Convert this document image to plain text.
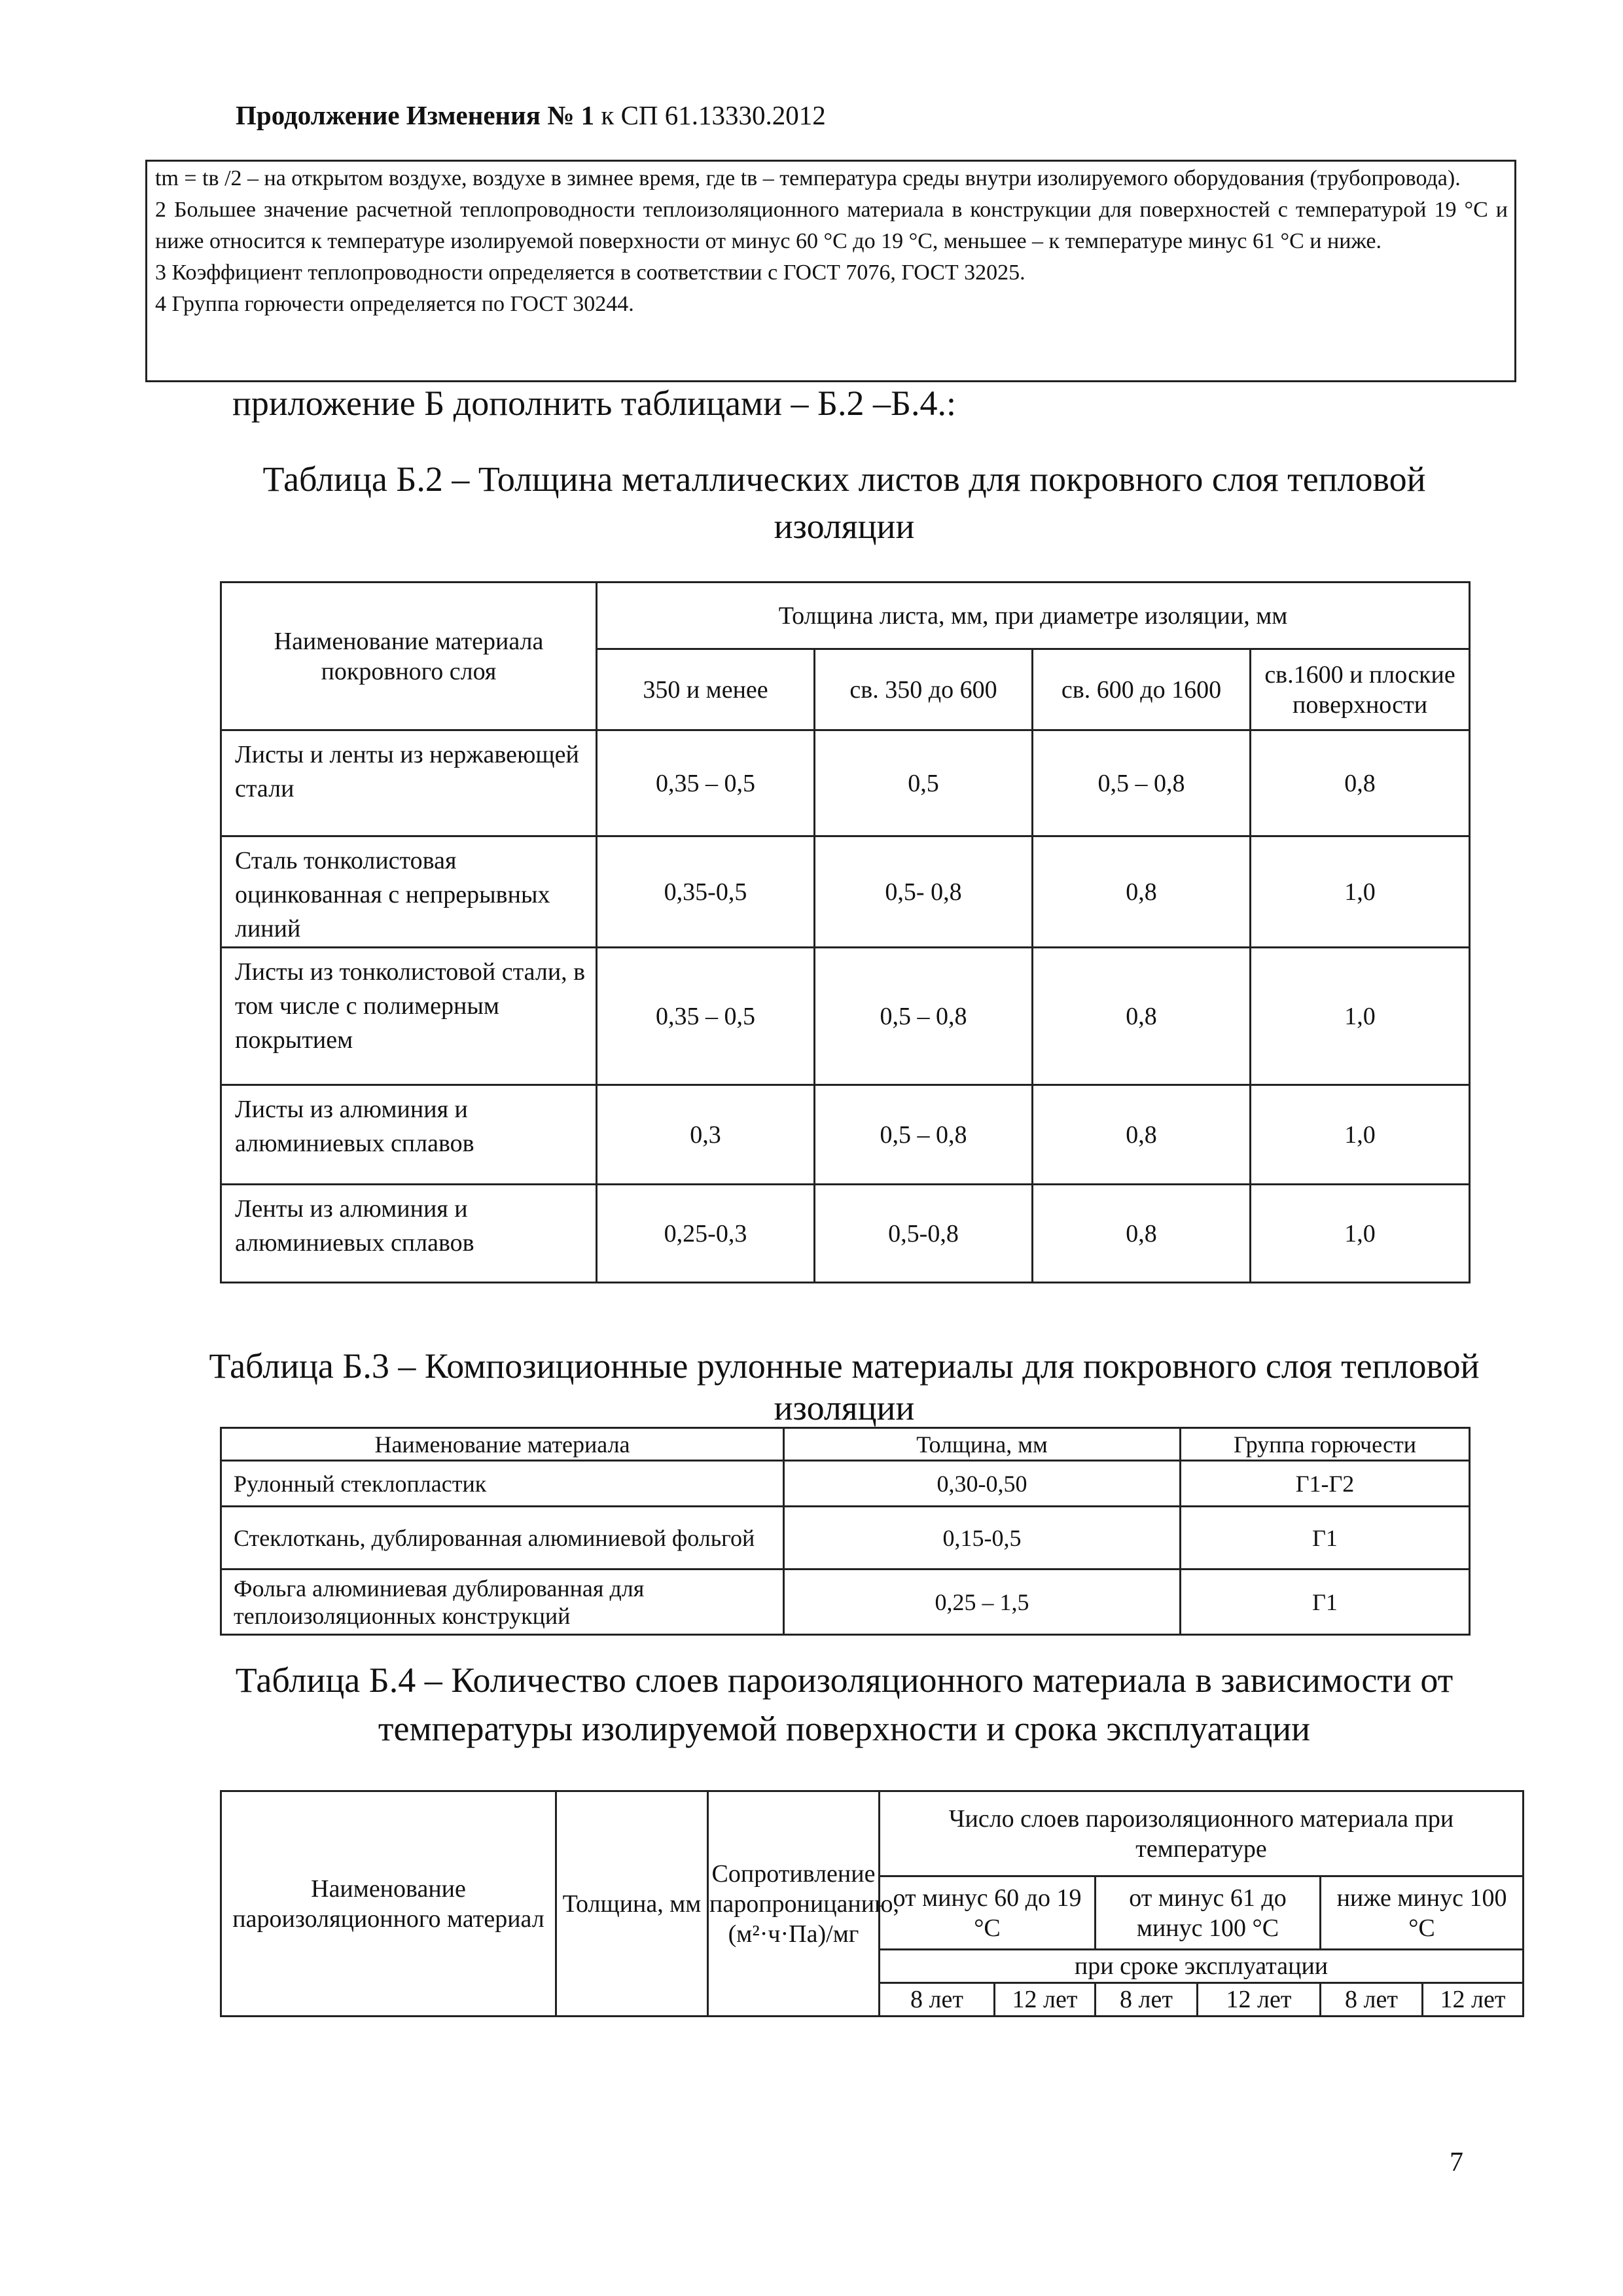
Продолжение Изменения № 1 к СП 61.13330.2012

tm = tв /2 – на открытом воздухе, воздухе в зимнее время, где tв – температура среды внутри изолируемого оборудования (трубопровода).

2 Большее значение расчетной теплопроводности теплоизоляционного материала в конструкции для поверхностей с температурой 19 °С и ниже относится к температуре изолируемой поверхности от минус 60 °С до 19 °С, меньшее – к температуре минус 61 °С и ниже.

3 Коэффициент теплопроводности определяется в соответствии с ГОСТ 7076, ГОСТ 32025.

4 Группа горючести определяется по ГОСТ 30244.

приложение Б дополнить таблицами – Б.2 –Б.4.:
Таблица Б.2 – Толщина металлических листов для покровного слоя тепловой изоляции
Наименование материала покровного слоя	Толщина листа, мм, при диаметре изоляции, мм			
	350 и менее	св. 350 до 600	св. 600 до 1600	св.1600 и плоские поверхности
Листы и ленты из нержавеющей стали	0,35 – 0,5	0,5	0,5 – 0,8	0,8
Сталь тонколистовая оцинкованная с непрерывных линий	0,35-0,5	0,5- 0,8	0,8	1,0
Листы из тонколистовой стали, в том числе с полимерным покрытием	0,35 – 0,5	0,5 – 0,8	0,8	1,0
Листы из алюминия и алюминиевых сплавов	0,3	0,5 – 0,8	0,8	1,0
Ленты из алюминия и алюминиевых сплавов	0,25-0,3	0,5-0,8	0,8	1,0
Таблица Б.3 – Композиционные рулонные материалы для покровного слоя тепловой изоляции
Наименование материала	Толщина, мм	Группа горючести
Рулонный стеклопластик	0,30-0,50	Г1-Г2
Стеклоткань, дублированная алюминиевой фольгой	0,15-0,5	Г1
Фольга алюминиевая дублированная для теплоизоляционных конструкций	0,25 – 1,5	Г1
Таблица Б.4 – Количество слоев пароизоляционного материала в зависимости от температуры изолируемой поверхности и срока эксплуатации
Наименование пароизоляционного материал	Толщина, мм	Сопротивление паропроницанию, (м²·ч·Па)/мг	Число слоев пароизоляционного материала при температуре					
			от минус 60 до 19 °С		от минус 61 до минус 100 °С		ниже минус 100 °С	
			при сроке эксплуатации					
			8 лет	12 лет	8 лет	12 лет	8 лет	12 лет
7
